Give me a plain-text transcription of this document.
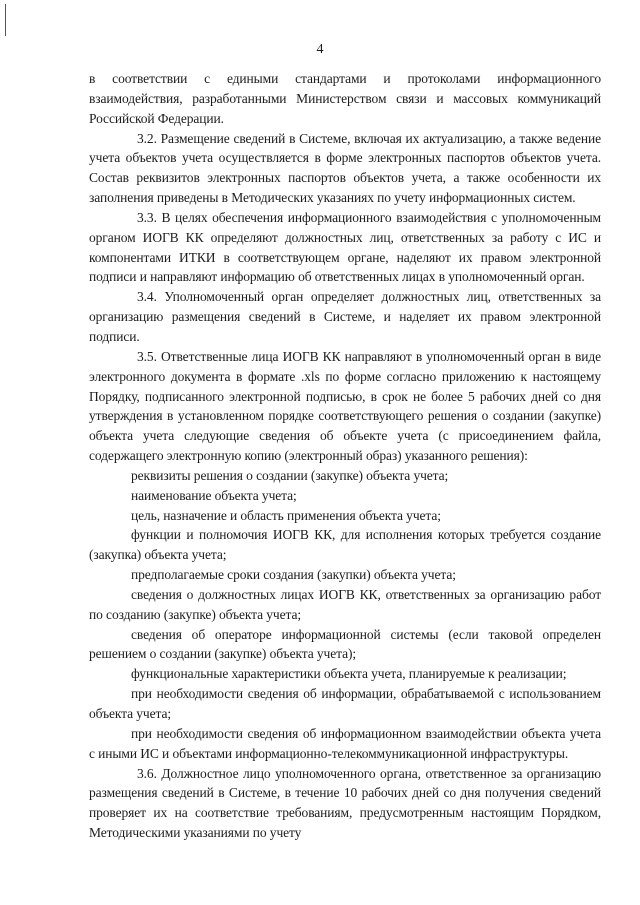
4

в соответствии с едиными стандартами и протоколами информационного взаимодействия, разработанными Министерством связи и массовых коммуникаций Российской Федерации.

3.2. Размещение сведений в Системе, включая их актуализацию, а также ведение учета объектов учета осуществляется в форме электронных паспортов объектов учета. Состав реквизитов электронных паспортов объектов учета, а также особенности их заполнения приведены в Методических указаниях по учету информационных систем.

3.3. В целях обеспечения информационного взаимодействия с уполномоченным органом ИОГВ КК определяют должностных лиц, ответственных за работу с ИС и компонентами ИТКИ в соответствующем органе, наделяют их правом электронной подписи и направляют информацию об ответственных лицах в уполномоченный орган.

3.4. Уполномоченный орган определяет должностных лиц, ответственных за организацию размещения сведений в Системе, и наделяет их правом электронной подписи.

3.5. Ответственные лица ИОГВ КК направляют в уполномоченный орган в виде электронного документа в формате .xls по форме согласно приложению к настоящему Порядку, подписанного электронной подписью, в срок не более 5 рабочих дней со дня утверждения в установленном порядке соответствующего решения о создании (закупке) объекта учета следующие сведения об объекте учета (с присоединением файла, содержащего электронную копию (электронный образ) указанного решения):

реквизиты решения о создании (закупке) объекта учета;

наименование объекта учета;

цель, назначение и область применения объекта учета;

функции и полномочия ИОГВ КК, для исполнения которых требуется создание (закупка) объекта учета;

предполагаемые сроки создания (закупки) объекта учета;

сведения о должностных лицах ИОГВ КК, ответственных за организацию работ по созданию (закупке) объекта учета;

сведения об операторе информационной системы (если таковой определен решением о создании (закупке) объекта учета);

функциональные характеристики объекта учета, планируемые к реализации;

при необходимости сведения об информации, обрабатываемой с использованием объекта учета;

при необходимости сведения об информационном взаимодействии объекта учета с иными ИС и объектами информационно-телекоммуникационной инфраструктуры.

3.6. Должностное лицо уполномоченного органа, ответственное за организацию размещения сведений в Системе, в течение 10 рабочих дней со дня получения сведений проверяет их на соответствие требованиям, предусмотренным настоящим Порядком, Методическими указаниями по учету
